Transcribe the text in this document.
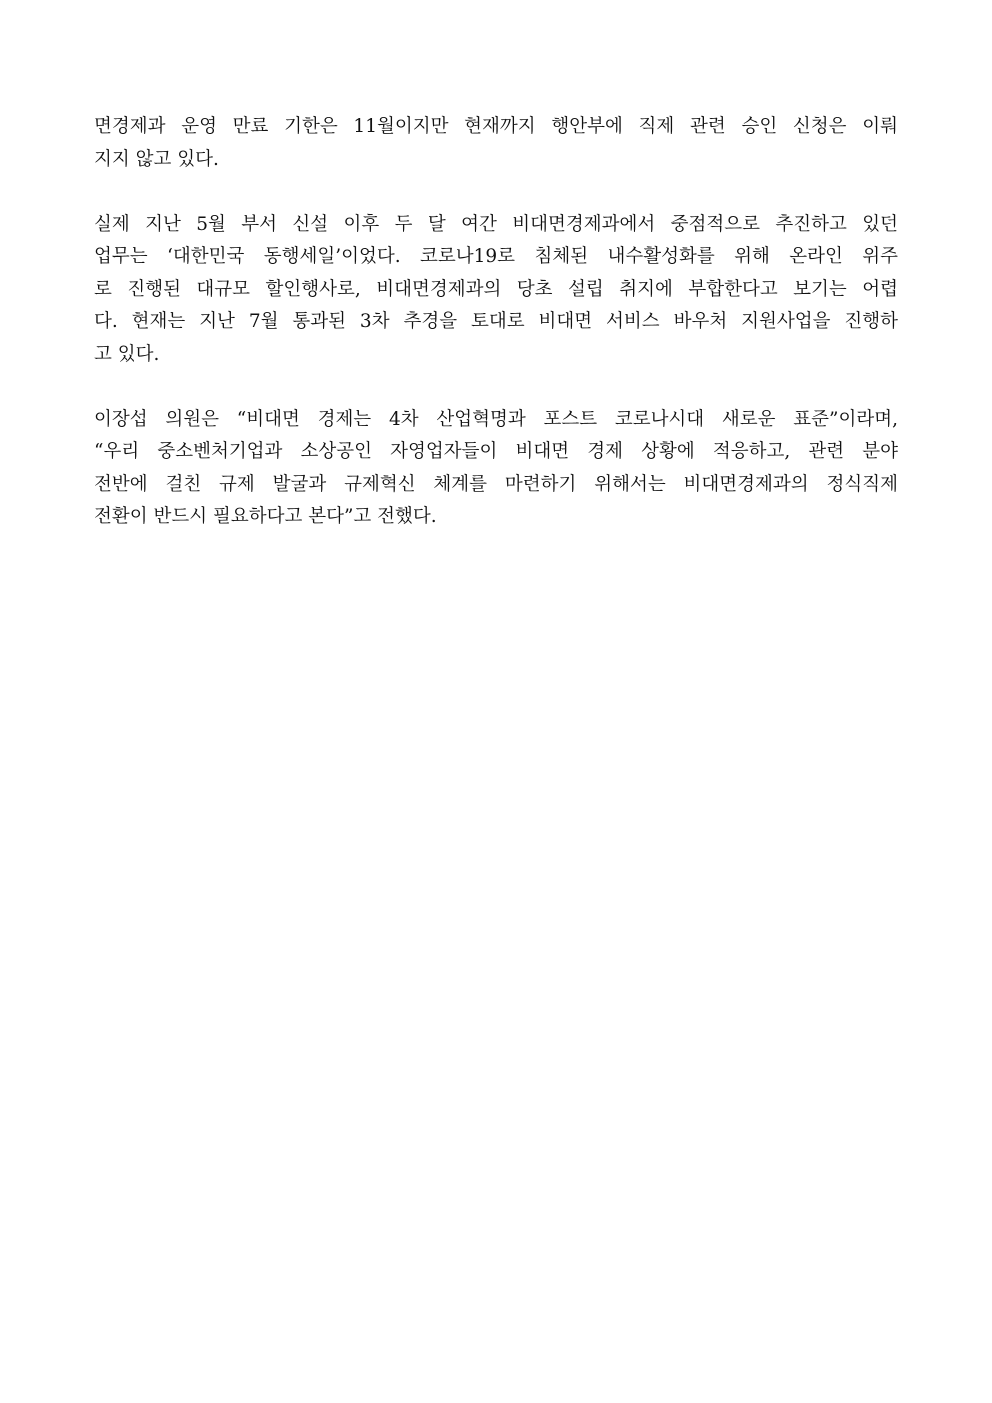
면경제과 운영 만료 기한은 11월이지만 현재까지 행안부에 직제 관련 승인 신청은 이뤄
지지 않고 있다.

실제 지난 5월 부서 신설 이후 두 달 여간 비대면경제과에서 중점적으로 추진하고 있던
업무는 ‘대한민국 동행세일’이었다. 코로나19로 침체된 내수활성화를 위해 온라인 위주
로 진행된 대규모 할인행사로, 비대면경제과의 당초 설립 취지에 부합한다고 보기는 어렵
다. 현재는 지난 7월 통과된 3차 추경을 토대로 비대면 서비스 바우처 지원사업을 진행하
고 있다.

이장섭 의원은 “비대면 경제는 4차 산업혁명과 포스트 코로나시대 새로운 표준”이라며,
“우리 중소벤처기업과 소상공인 자영업자들이 비대면 경제 상황에 적응하고, 관련 분야
전반에 걸친 규제 발굴과 규제혁신 체계를 마련하기 위해서는 비대면경제과의 정식직제
전환이 반드시 필요하다고 본다”고 전했다.
